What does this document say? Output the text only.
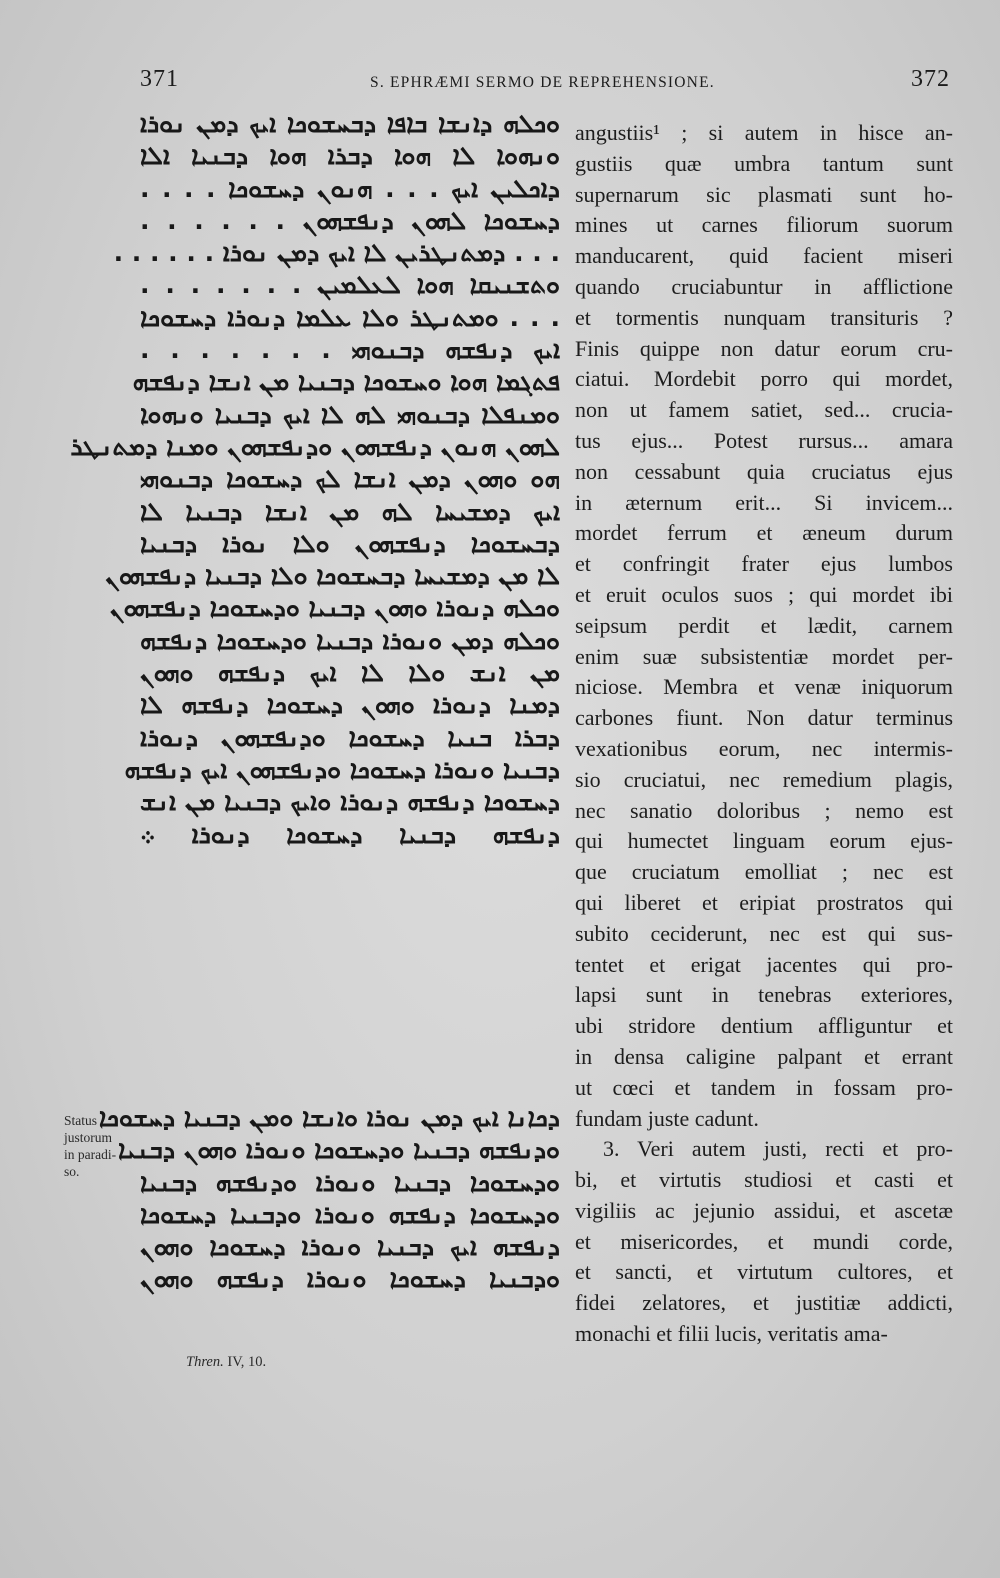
371	S. EPHRÆMI SERMO DE REPREHENSIONE.	372
ܘܟܠܗ ܕܐܢܫܐ ܒܐܦܐ ܕܒܚܫܘܟܐ ܐܝܟ ܕܡܢ ܢܘܪܐ
ܘܢܗܘܐ ܠܐ ܗܘܐ ܕܒܪܐ ܗܘܐ ܕܒܢܝܐ ܐܠܐ
ܕܐܟܠܝܢ ܐܝܟ . . . ܗܢܘܢ ܕܚܫܘܟܐ . . . .
ܕܚܫܘܟܐ ܠܗܘܢ ܕܢܦܫܗܘܢ . . . . . .
. . . ܕܡܬܢܛܪܝܢ ܠܐ ܐܝܟ ܕܡܢ ܢܘܪܐ . . . . . .
ܘܬܫܢܝܩܐ ܗܘܐ ܠܥܠܡܝܢ . . . . . . .
. . . ܘܡܬܢܛܪ ܘܠܐ ܥܠܡܐ ܕܢܘܪܐ ܕܚܫܘܟܐ
ܐܝܟ ܕܢܦܫܗ ܕܒܢܘܗܝ . . . . . . .
ܦܬܓܡܐ ܗܘܐ ܘܚܫܘܟܐ ܕܒܢܝܐ ܡܢ ܐܢܫܐ ܕܢܦܫܗ
ܘܡܢܦܠܐ ܕܒܢܘܗܝ ܠܗ ܠܐ ܐܝܟ ܕܒܢܝܐ ܘܢܗܘܐ
ܠܗܘܢ ܗܢܘܢ ܕܢܦܫܗܘܢ ܘܕܢܦܫܗܘܢ ܘܡܢܐ ܕܡܬܢܛܪ
ܗܘ ܘܗܘܢ ܕܡܢ ܐܢܫܐ ܠܟ ܕܚܫܘܟܐ ܕܒܢܘܗܝ
ܐܝܟ ܕܡܫܝܚܐ ܠܗ ܡܢ ܐܢܫܐ ܕܒܢܝܐ ܠܐ
ܕܒܚܫܘܟܐ ܕܢܦܫܗܘܢ ܘܠܐ ܢܘܪܐ ܕܒܢܝܐ
ܠܐ ܡܢ ܕܡܫܝܚܐ ܕܒܚܫܘܟܐ ܘܠܐ ܕܒܢܝܐ ܕܢܦܫܗܘܢ
ܘܟܠܗ ܕܢܘܪܐ ܘܗܘܢ ܕܒܢܝܐ ܘܕܚܫܘܟܐ ܕܢܦܫܗܘܢ
ܘܟܠܗ ܕܡܢ ܘܢܘܪܐ ܕܒܢܝܐ ܘܕܚܫܘܟܐ ܕܢܦܫܗ
ܡܢ ܐܢܫ ܘܠܐ ܠܐ ܐܝܟ ܕܢܦܫܗ ܘܗܘܢ
ܕܡܢܐ ܕܢܘܪܐ ܘܗܘܢ ܕܚܫܘܟܐ ܕܢܦܫܗ ܠܐ
ܕܒܪܐ ܒܢܝܐ ܕܚܫܘܟܐ ܘܕܢܦܫܗܘܢ ܕܢܘܪܐ
ܕܒܢܝܐ ܘܢܘܪܐ ܕܚܫܘܟܐ ܘܕܢܦܫܗܘܢ ܐܝܟ ܕܢܦܫܗ
ܕܚܫܘܟܐ ܕܢܦܫܗ ܕܢܘܪܐ ܘܐܝܟ ܕܒܢܝܐ ܡܢ ܐܢܫ
ܕܢܦܫܗ ܕܒܢܝܐ ܕܚܫܘܟܐ ܕܢܘܪܐ ܀
ܕܟܐܢܐ ܐܝܟ ܕܡܢ ܢܘܪܐ ܘܐܢܫܐ ܘܡܢ ܕܒܢܝܐ ܕܚܫܘܟܐ
ܘܕܢܦܫܗ ܕܒܢܝܐ ܘܕܚܫܘܟܐ ܘܢܘܪܐ ܘܗܘܢ ܕܒܢܝܐ
ܘܕܚܫܘܟܐ ܕܒܢܝܐ ܘܢܘܪܐ ܘܕܢܦܫܗ ܕܒܢܝܐ
ܘܕܚܫܘܟܐ ܕܢܦܫܗ ܘܢܘܪܐ ܘܕܒܢܝܐ ܕܚܫܘܟܐ
ܕܢܦܫܗ ܐܝܟ ܕܒܢܝܐ ܘܢܘܪܐ ܕܚܫܘܟܐ ܘܗܘܢ
ܘܕܒܢܝܐ ܕܚܫܘܟܐ ܘܢܘܪܐ ܕܢܦܫܗ ܘܗܘܢ
angustiis¹ ; si autem in hisce an-
gustiis quæ umbra tantum sunt
supernarum sic plasmati sunt ho-
mines ut carnes filiorum suorum
manducarent, quid facient miseri
quando cruciabuntur in afflictione
et tormentis nunquam transituris ?
Finis quippe non datur eorum cru-
ciatui. Mordebit porro qui mordet,
non ut famem satiet, sed... crucia-
tus ejus... Potest rursus... amara
non cessabunt quia cruciatus ejus
in æternum erit... Si invicem...
mordet ferrum et æneum durum
et confringit frater ejus lumbos
et eruit oculos suos ; qui mordet ibi
seipsum perdit et lædit, carnem
enim suæ subsistentiæ mordet per-
niciose. Membra et venæ iniquorum
carbones fiunt. Non datur terminus
vexationibus eorum, nec intermis-
sio cruciatui, nec remedium plagis,
nec sanatio doloribus ; nemo est
qui humectet linguam eorum ejus-
que cruciatum emolliat ; nec est
qui liberet et eripiat prostratos qui
subito ceciderunt, nec est qui sus-
tentet et erigat jacentes qui pro-
lapsi sunt in tenebras exteriores,
ubi stridore dentium affliguntur et
in densa caligine palpant et errant
ut cœci et tandem in fossam pro-
fundam juste cadunt.
3. Veri autem justi, recti et pro-
bi, et virtutis studiosi et casti et
vigiliis ac jejunio assidui, et ascetæ
et misericordes, et mundi corde,
et sancti, et virtutum cultores, et
fidei zelatores, et justitiæ addicti,
monachi et filii lucis, veritatis ama-
Status
justorum
in paradi-
so.
Thren. IV, 10.
